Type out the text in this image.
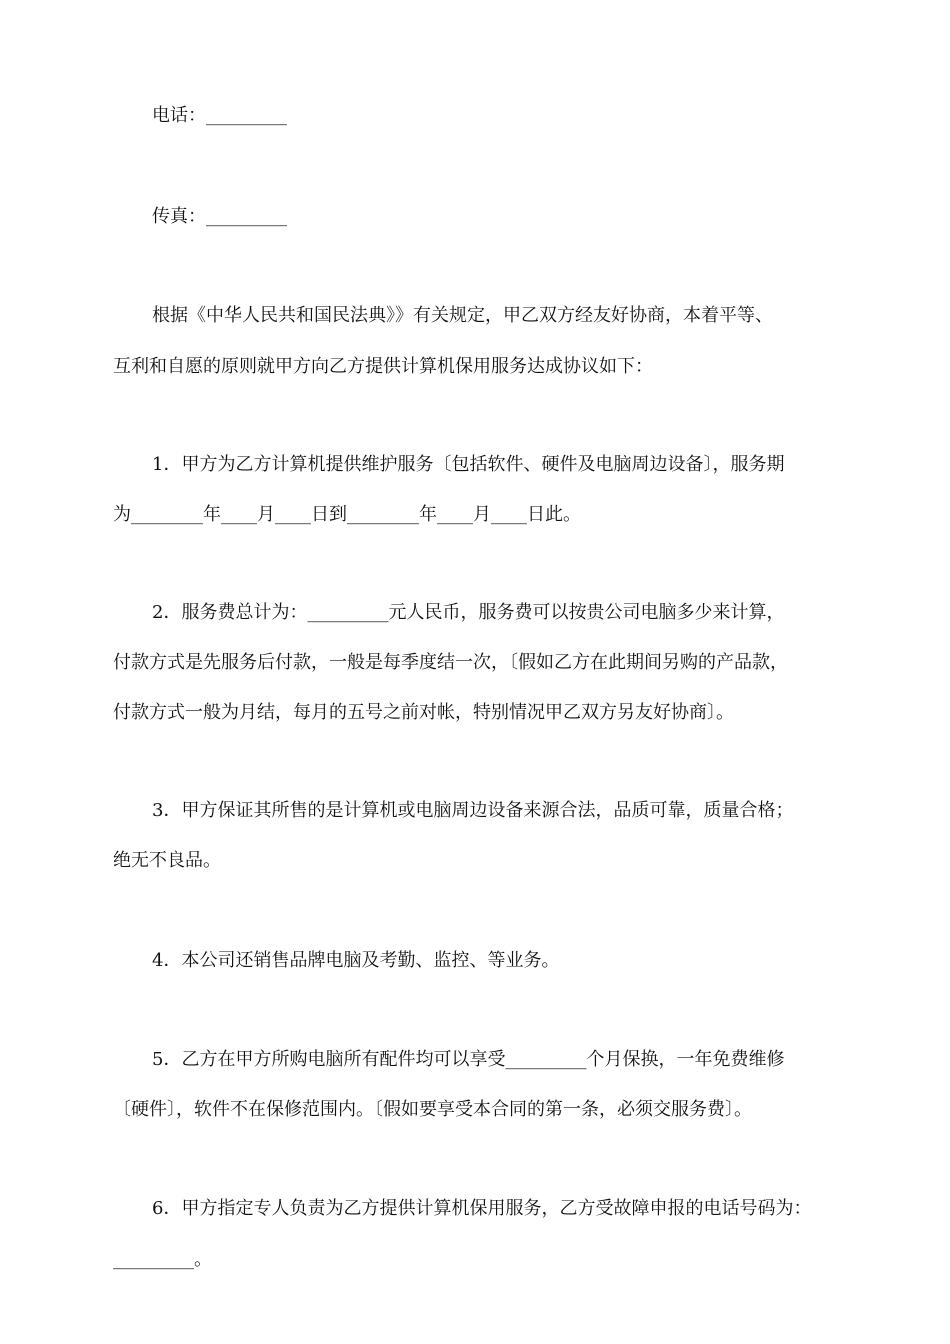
电话：_________
传真：_________
根据《中华人民共和国民法典》》有关规定，甲乙双方经友好协商，本着平等、
互利和自愿的原则就甲方向乙方提供计算机保用服务达成协议如下：
1．甲方为乙方计算机提供维护服务〔包括软件、硬件及电脑周边设备〕，服务期
为________年____月____日到________年____月____日此。
2．服务费总计为：_________元人民币，服务费可以按贵公司电脑多少来计算，
付款方式是先服务后付款，一般是每季度结一次，〔假如乙方在此期间另购的产品款，
付款方式一般为月结，每月的五号之前对帐，特别情况甲乙双方另友好协商〕。
3．甲方保证其所售的是计算机或电脑周边设备来源合法，品质可靠，质量合格；
绝无不良品。
4．本公司还销售品牌电脑及考勤、监控、等业务。
5．乙方在甲方所购电脑所有配件均可以享受_________个月保换，一年免费维修
〔硬件〕，软件不在保修范围内。〔假如要享受本合同的第一条，必须交服务费〕。
6．甲方指定专人负责为乙方提供计算机保用服务，乙方受故障申报的电话号码为：
_________。
